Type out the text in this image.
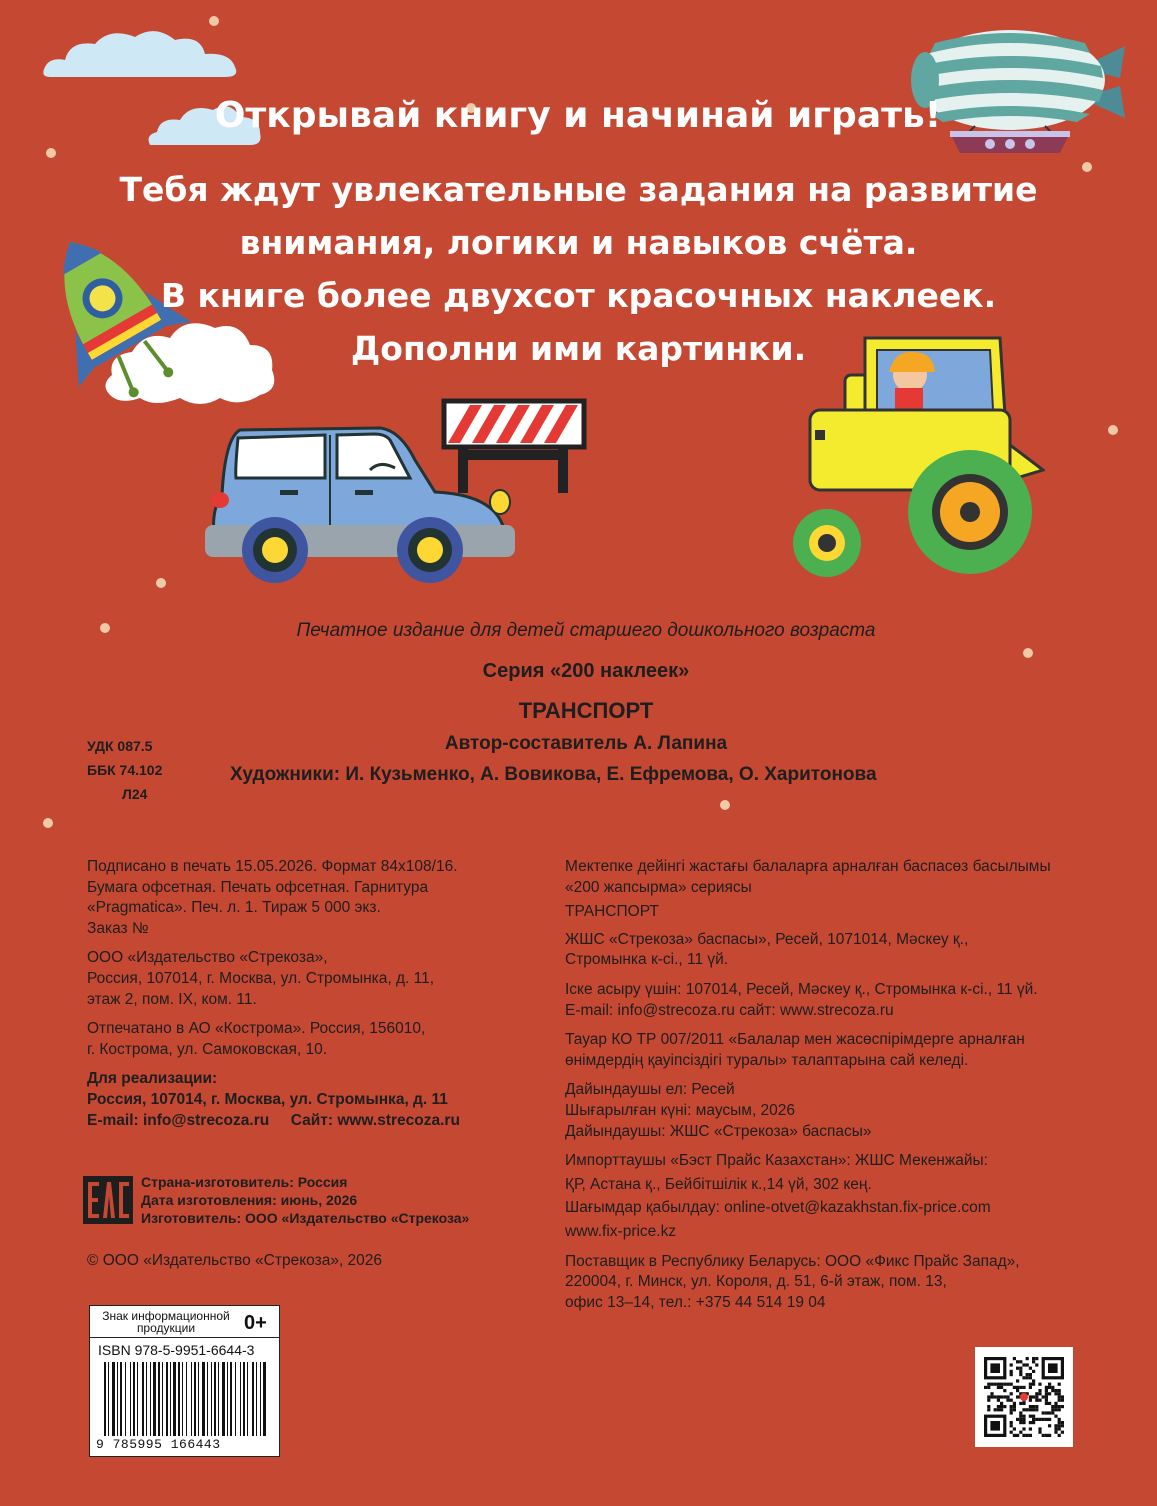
Открывай книгу и начинай играть!
Тебя ждут увлекательные задания на развитие
внимания, логики и навыков счёта.
В книге более двухсот красочных наклеек.
Дополни ими картинки.
Печатное издание для детей старшего дошкольного возраста
Серия «200 наклеек»
ТРАНСПОРТ
Автор-составитель А. Лапина
Художники: И. Кузьменко, А. Вовикова, Е. Ефремова, О. Харитонова
УДК 087.5
ББК 74.102
Л24

Подписано в печать 15.05.2026. Формат 84х108/16.
Бумага офсетная. Печать офсетная. Гарнитура
«Pragmatica». Печ. л. 1. Тираж 5 000 экз.
Заказ №

ООО «Издательство «Стрекоза»,
Россия, 107014, г. Москва, ул. Стромынка, д. 11,
этаж 2, пом. IX, ком. 11.

Отпечатано в АО «Кострома». Россия, 156010,
г. Кострома, ул. Самоковская, 10.

Для реализации:
Россия, 107014, г. Москва, ул. Стромынка, д. 11
E-mail: info@strecoza.ru     Сайт: www.strecoza.ru

Страна-изготовитель: Россия
Дата изготовления: июнь, 2026
Изготовитель: ООО «Издательство «Стрекоза»
© ООО «Издательство «Стрекоза», 2026
Знак информационной
продукции	0+
ISBN 978-5-9951-6644-3
9 785995 166443

Мектепке дейінгі жастағы балаларға арналған баспасөз басылымы
«200 жапсырма» сериясы

ТРАНСПОРТ

ЖШС «Стрекоза» баспасы», Ресей, 1071014, Мәскеу қ.,
Стромынка к-сі., 11 үй.

Іске асыру үшін: 107014, Ресей, Мәскеу қ., Стромынка к-сі., 11 үй.
E-mail: info@strecoza.ru сайт: www.strecoza.ru

Тауар КО ТР 007/2011 «Балалар мен жасөспірімдерге арналған
өнімдердің қауіпсіздігі туралы» талаптарына сай келеді.

Дайындаушы ел: Ресей
Шығарылған күні: маусым, 2026
Дайындаушы: ЖШС «Стрекоза» баспасы»

Импорттаушы «Бэст Прайс Казахстан»: ЖШС Мекенжайы:
ҚР, Астана қ., Бейбітшілік к.,14 үй, 302 кең.
Шағымдар қабылдау: online-otvet@kazakhstan.fix-price.com
www.fix-price.kz

Поставщик в Республику Беларусь: ООО «Фикс Прайс Запад»,
220004, г. Минск, ул. Короля, д. 51, 6-й этаж, пом. 13,
офис 13–14, тел.: +375 44 514 19 04
